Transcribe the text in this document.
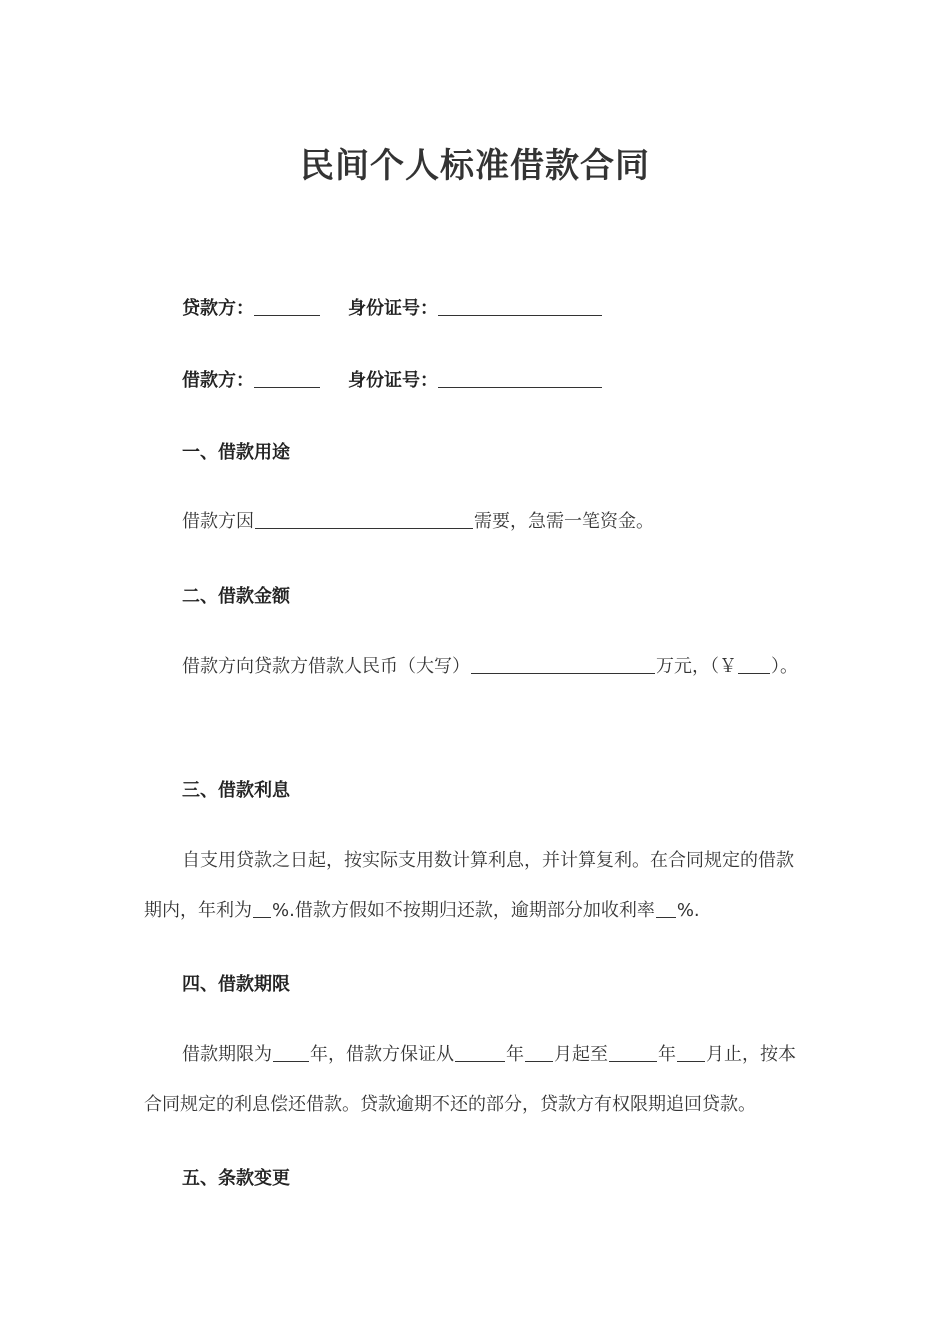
民间个人标准借款合同
贷款方：	身份证号：
借款方：	身份证号：
一、借款用途

借款方因	需要，急需一笔资金。

二、借款金额

借款方向贷款方借款人民币（大写）	万元，（￥ ）。

三、借款利息

自支用贷款之日起，按实际支用数计算利息，并计算复利。在合同规定的借款期内，年利为 %.借款方假如不按期归还款，逾期部分加收利率 %.

四、借款期限

借款期限为 年，借款方保证从	年 月起至	年 月止，按本合同规定的利息偿还借款。贷款逾期不还的部分，贷款方有权限期追回贷款。

五、条款变更
